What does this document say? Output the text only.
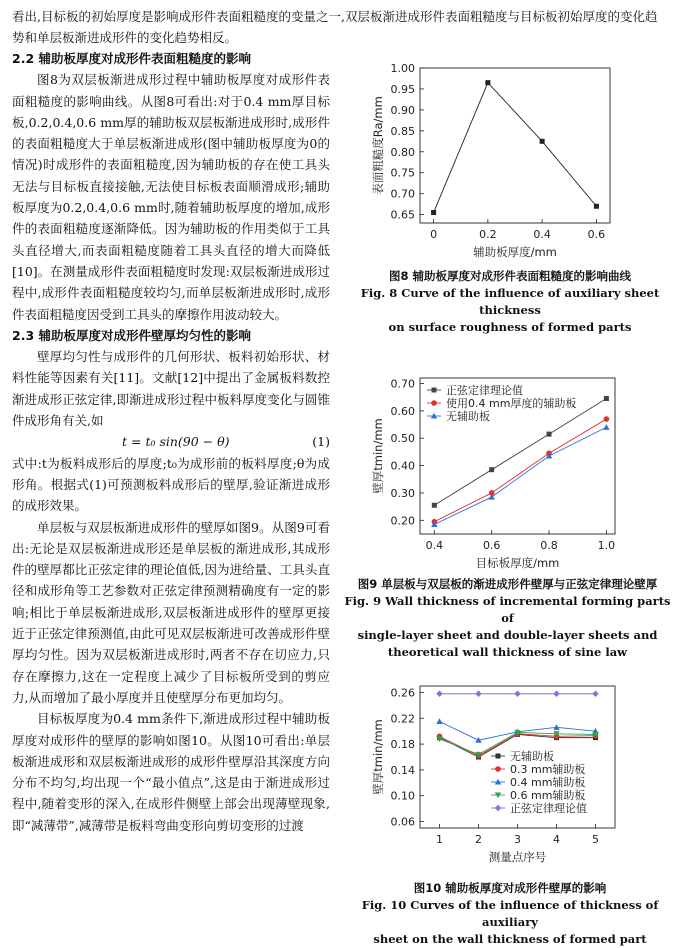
看出,目标板的初始厚度是影响成形件表面粗糙度的变量之一,双层板渐进成形件表面粗糙度与目标板初始厚度的变化趋势和单层板渐进成形件的变化趋势相反。
2.2 辅助板厚度对成形件表面粗糙度的影响

图8为双层板渐进成形过程中辅助板厚度对成形件表面粗糙度的影响曲线。从图8可看出:对于0.4 mm厚目标板,0.2,0.4,0.6 mm厚的辅助板双层板渐进成形时,成形件的表面粗糙度大于单层板渐进成形(图中辅助板厚度为0的情况)时成形件的表面粗糙度,因为辅助板的存在使工具头无法与目标板直接接触,无法使目标板表面顺滑成形;辅助板厚度为0.2,0.4,0.6 mm时,随着辅助板厚度的增加,成形件的表面粗糙度逐渐降低。因为辅助板的作用类似于工具头直径增大,而表面粗糙度随着工具头直径的增大而降低[10]。在测量成形件表面粗糙度时发现:双层板渐进成形过程中,成形件表面粗糙度较均匀,而单层板渐进成形时,成形件表面粗糙度因受到工具头的摩擦作用波动较大。

2.3 辅助板厚度对成形件壁厚均匀性的影响

壁厚均匀性与成形件的几何形状、板料初始形状、材料性能等因素有关[11]。文献[12]中提出了金属板料数控渐进成形正弦定律,即渐进成形过程中板料厚度变化与圆锥件成形角有关,如

t = t₀ sin(90 − θ)	(1)

式中:t为板料成形后的厚度;t₀为成形前的板料厚度;θ为成形角。根据式(1)可预测板料成形后的壁厚,验证渐进成形的成形效果。

单层板与双层板渐进成形件的壁厚如图9。从图9可看出:无论是双层板渐进成形还是单层板的渐进成形,其成形件的壁厚都比正弦定律的理论值低,因为进给量、工具头直径和成形角等工艺参数对正弦定律预测精确度有一定的影响;相比于单层板渐进成形,双层板渐进成形件的壁厚更接近于正弦定律预测值,由此可见双层板渐进可改善成形件壁厚均匀性。因为双层板渐进成形时,两者不存在切应力,只存在摩擦力,这在一定程度上减少了目标板所受到的剪应力,从而增加了最小厚度并且使壁厚分布更加均匀。

目标板厚度为0.4 mm条件下,渐进成形过程中辅助板厚度对成形件的壁厚的影响如图10。从图10可看出:单层板渐进成形和双层板渐进成形的成形件壁厚沿其深度方向分布不均匀,均出现一个“最小值点”,这是由于渐进成形过程中,随着变形的深入,在成形件侧壁上部会出现薄壁现象,即“减薄带”,减薄带是板料弯曲变形向剪切变形的过渡

0.65
0.70
0.75
0.80
0.85
0.90
0.95
1.00
0	0.2	0.4	0.6
辅助板厚度/mm
表面粗糙度Ra/mm
图8 辅助板厚度对成形件表面粗糙度的影响曲线
Fig. 8 Curve of the influence of auxiliary sheet thickness
on surface roughness of formed parts
0.20
0.30
0.40
0.50
0.60
0.70
0.4	0.6	0.8	1.0
目标板厚度/mm
壁厚tmin/mm
正弦定律理论值
使用0.4 mm厚度的辅助板
无辅助板
图9 单层板与双层板的渐进成形件壁厚与正弦定律理论壁厚
Fig. 9 Wall thickness of incremental forming parts of
single-layer sheet and double-layer sheets and
theoretical wall thickness of sine law
0.06
0.10
0.14
0.18
0.22
0.26
1	2	3	4	5
测量点序号
壁厚tmin/mm	无辅助板
0.3 mm辅助板
0.4 mm辅助板
0.6 mm辅助板
正弦定律理论值
图10 辅助板厚度对成形件壁厚的影响
Fig. 10 Curves of the influence of thickness of auxiliary
sheet on the wall thickness of formed part
